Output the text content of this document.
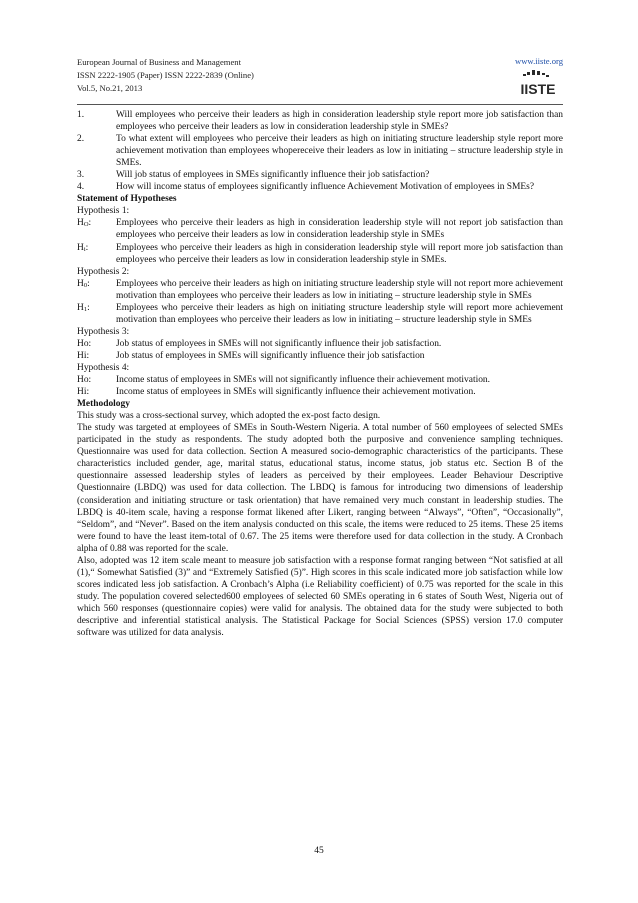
European Journal of Business and Management
ISSN 2222-1905 (Paper) ISSN 2222-2839 (Online)
Vol.5, No.21, 2013
www.iiste.org
IISTE
1.	Will employees who perceive their leaders as high in consideration leadership style report more job satisfaction than employees who perceive their leaders as low in consideration leadership style in SMEs?
2.	To what extent will employees who perceive their leaders as high on initiating structure leadership style report more achievement motivation than employees whopereceive their leaders as low in initiating – structure leadership style in SMEs.
3.	Will job status of employees in SMEs significantly influence their job satisfaction?
4.	How will income status of employees significantly influence Achievement Motivation of employees in SMEs?
Statement of Hypotheses
Hypothesis 1:
$H_O$:	Employees who perceive their leaders as high in consideration leadership style will not report job satisfaction than employees who perceive their leaders as low in consideration leadership style in SMEs
$H_i$:	Employees who perceive their leaders as high in consideration leadership style will report more job satisfaction than employees who perceive their leaders as low in consideration leadership style in SMEs.
Hypothesis 2:
$H_0$:	Employees who perceive their leaders as high on initiating structure leadership style will not report more achievement motivation than employees who perceive their leaders as low in initiating – structure leadership style in SMEs
$H_1$:	Employees who perceive their leaders as high on initiating structure leadership style will report more achievement motivation than employees who perceive their leaders as low in initiating – structure leadership style in SMEs
Hypothesis 3:
Ho:	Job status of employees in SMEs will not significantly influence their job satisfaction.
Hi:	Job status of employees in SMEs will significantly influence their job satisfaction
Hypothesis 4:
Ho:	Income status of employees in SMEs will not significantly influence their achievement motivation.
Hi:	Income status of employees in SMEs will significantly influence their achievement motivation.
Methodology
This study was a cross-sectional survey, which adopted the ex-post facto design.
The study was targeted at employees of SMEs in South-Western Nigeria. A total number of 560 employees of selected SMEs participated in the study as respondents. The study adopted both the purposive and convenience sampling techniques. Questionnaire was used for data collection. Section A measured socio-demographic characteristics of the participants. These characteristics included gender, age, marital status, educational status, income status, job status etc. Section B of the questionnaire assessed leadership styles of leaders as perceived by their employees. Leader Behaviour Descriptive Questionnaire (LBDQ) was used for data collection. The LBDQ is famous for introducing two dimensions of leadership (consideration and initiating structure or task orientation) that have remained very much constant in leadership studies. The LBDQ is 40-item scale, having a response format likened after Likert, ranging between “Always”, “Often”, “Occasionally”, “Seldom”, and “Never”. Based on the item analysis conducted on this scale, the items were reduced to 25 items. These 25 items were found to have the least item-total of 0.67. The 25 items were therefore used for data collection in the study. A Cronbach alpha of 0.88 was reported for the scale.
Also, adopted was 12 item scale meant to measure job satisfaction with a response format ranging between “Not satisfied at all (1),“ Somewhat Satisfied (3)” and “Extremely Satisfied (5)”. High scores in this scale indicated more job satisfaction while low scores indicated less job satisfaction. A Cronbach’s Alpha (i.e Reliability coefficient) of 0.75 was reported for the scale in this study. The population covered selected600 employees of selected 60 SMEs operating in 6 states of South West, Nigeria out of which 560 responses (questionnaire copies) were valid for analysis. The obtained data for the study were subjected to both descriptive and inferential statistical analysis. The Statistical Package for Social Sciences (SPSS) version 17.0 computer software was utilized for data analysis.
45
